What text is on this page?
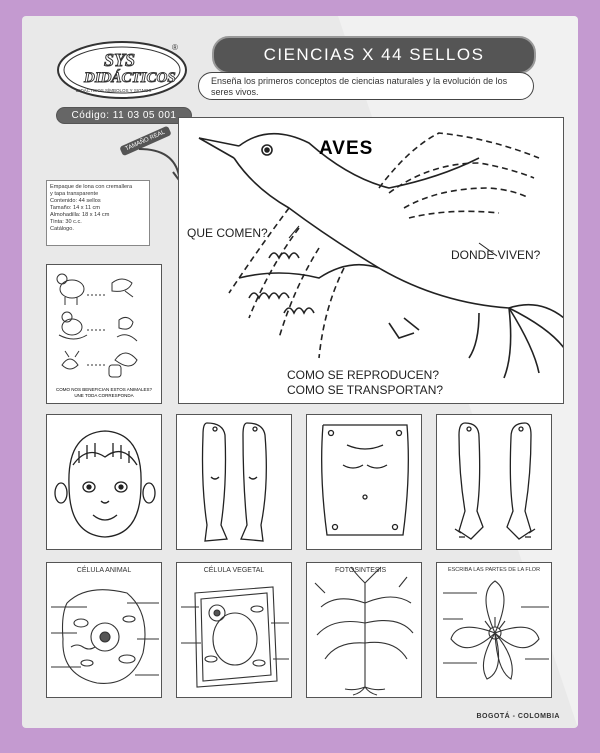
SYS
DIDÁCTICOS
DIDÁCTICOS SÍMBOLOS Y SIGNOS
®
Código: 11 03 05 001
CIENCIAS X 44 SELLOS
Enseña los primeros conceptos de ciencias naturales y la evolución de los seres vivos.
TAMAÑO REAL
Empaque de lona con cremallera
y tapa transparente
Contenido: 44 sellos
Tamaño: 14 x 11 cm
Almohadilla: 18 x 14 cm
Tinta: 30 c.c.
Catálogo.
AVES
QUE COMEN?
DONDE VIVEN?
COMO SE REPRODUCEN?
COMO SE TRANSPORTAN?
COMO NOS BENEFICIAN ESTOS ANIMALES? UNE TODA CORRESPONDA
CÉLULA ANIMAL	CÉLULA VEGETAL	FOTOSINTESIS	ESCRIBA LAS PARTES DE LA FLOR
BOGOTÁ - COLOMBIA
